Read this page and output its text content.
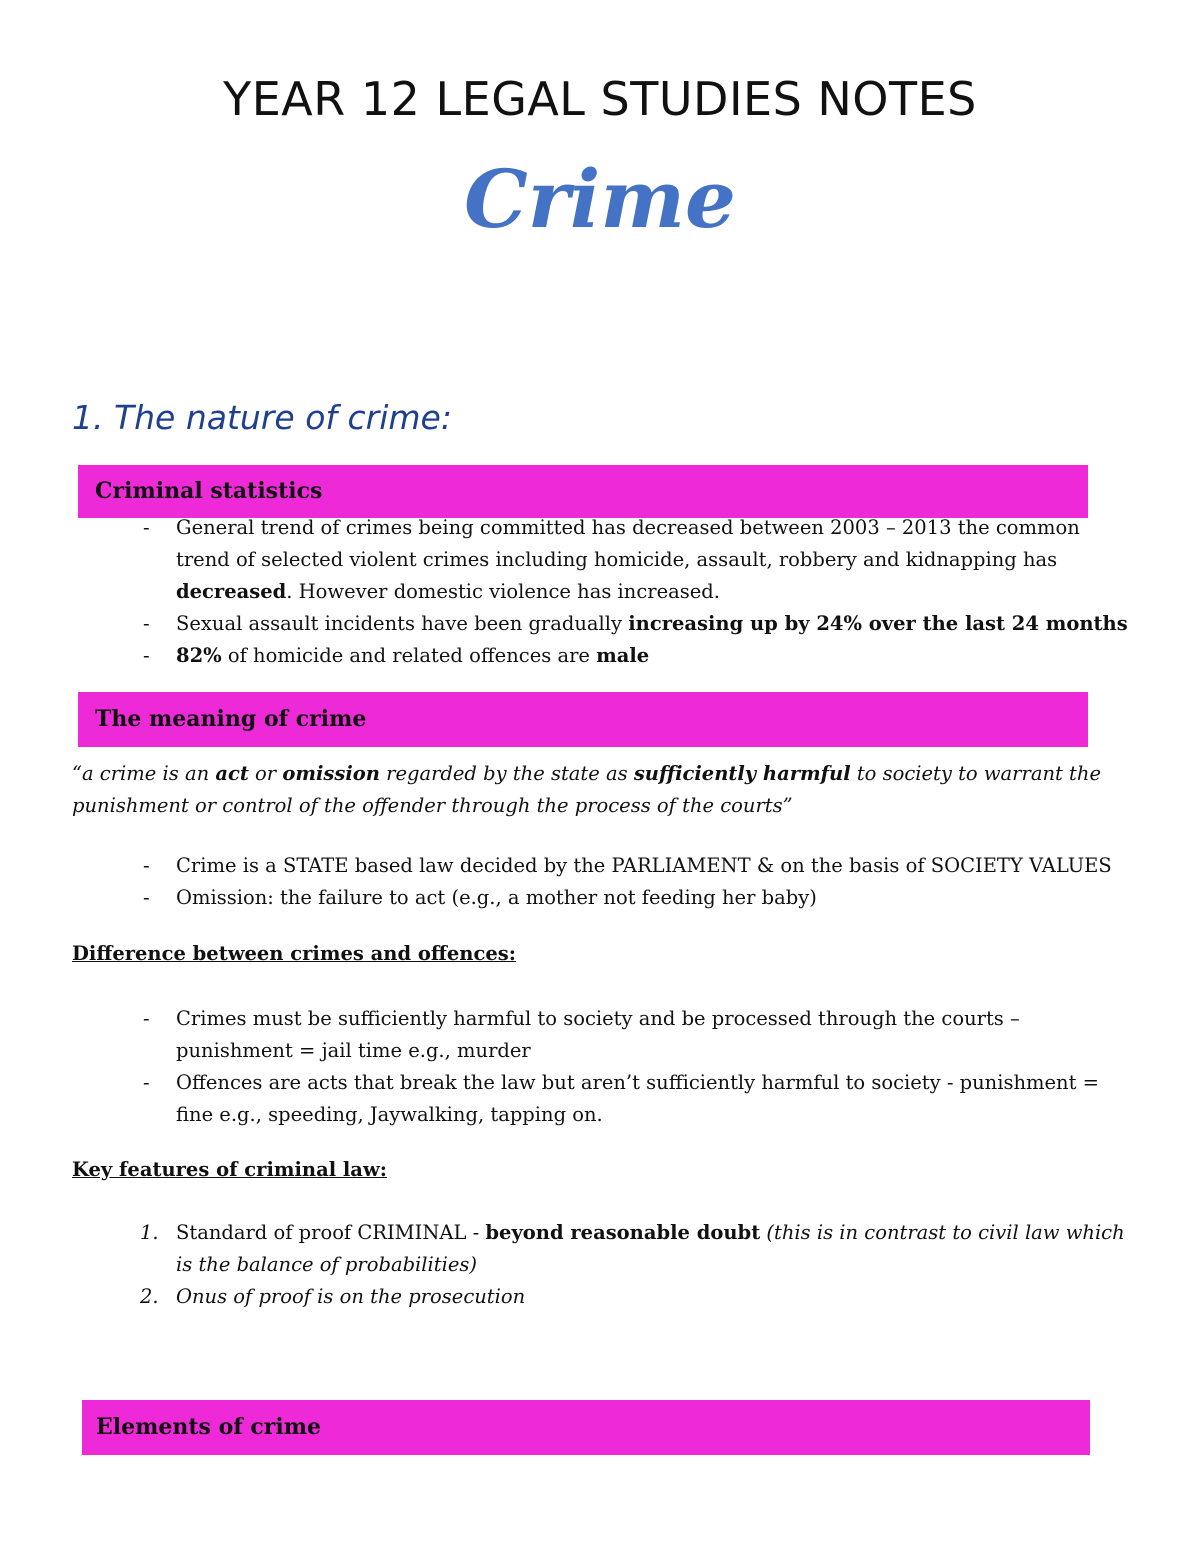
YEAR 12 LEGAL STUDIES NOTES
Crime
1. The nature of crime:
Criminal statistics
- General trend of crimes being committed has decreased between 2003 – 2013 the common
trend of selected violent crimes including homicide, assault, robbery and kidnapping has
decreased. However domestic violence has increased.
- Sexual assault incidents have been gradually increasing up by 24% over the last 24 months
- 82% of homicide and related offences are male
The meaning of crime
“a crime is an act or omission regarded by the state as sufficiently harmful to society to warrant the
punishment or control of the offender through the process of the courts”
- Crime is a STATE based law decided by the PARLIAMENT & on the basis of SOCIETY VALUES
- Omission: the failure to act (e.g., a mother not feeding her baby)
Difference between crimes and offences:
- Crimes must be sufficiently harmful to society and be processed through the courts –
punishment = jail time e.g., murder
- Offences are acts that break the law but aren’t sufficiently harmful to society - punishment =
fine e.g., speeding, Jaywalking, tapping on.
Key features of criminal law:
1. Standard of proof CRIMINAL - beyond reasonable doubt (this is in contrast to civil law which
is the balance of probabilities)
2. Onus of proof is on the prosecution
Elements of crime
